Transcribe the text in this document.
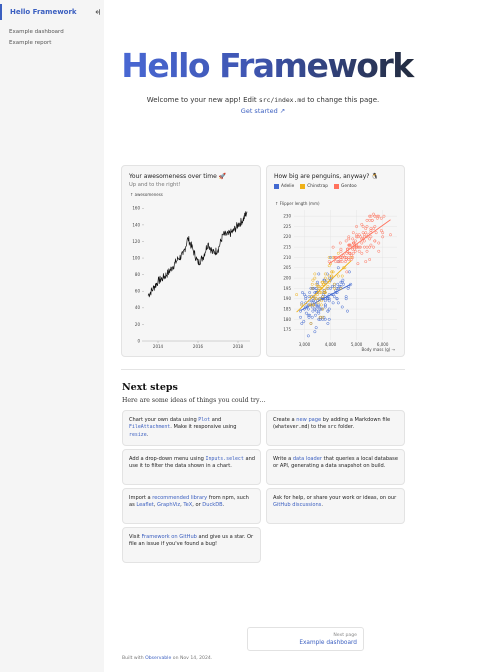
Hello Framework
Example dashboard
Example report
Hello Framework

Welcome to your new app! Edit src/index.md to change this page.

Get started ↗
↑ awesomeness
0
20
40
60
80
100
120
140
160
2014	2016	2018
Your awesomeness over time 🚀
Up and to the right!
↑ Flipper length (mm)
175
180
185
190
195
200
205
210
215
220
225
230
3,000	4,000	5,000	6,000
Body mass (g) →
How big are penguins, anyway? 🐧
Adelie	Chinstrap	Gentoo
Next steps

Here are some ideas of things you could try…

Chart your own data using Plot and FileAttachment. Make it responsive using resize.
Create a new page by adding a Markdown file (whatever.md) to the src folder.
Add a drop-down menu using Inputs.select and use it to filter the data shown in a chart.
Write a data loader that queries a local database or API, generating a data snapshot on build.
Import a recommended library from npm, such as Leaflet, GraphViz, TeX, or DuckDB.
Ask for help, or share your work or ideas, on our GitHub discussions.
Visit Framework on GitHub and give us a star. Or file an issue if you've found a bug!
Next page
Example dashboard
Built with Observable on Nov 14, 2024.
